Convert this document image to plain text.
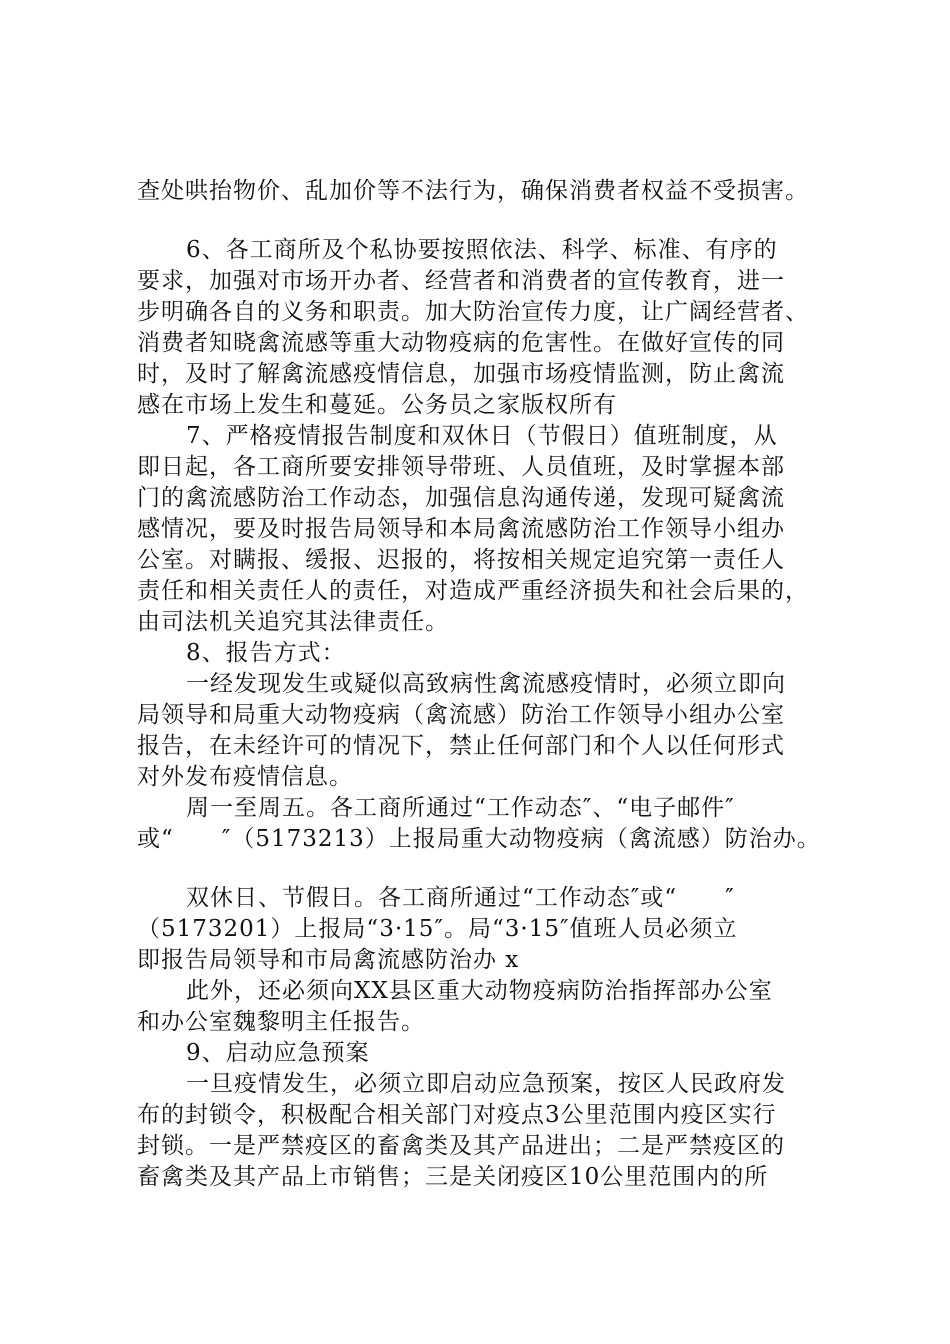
查处哄抬物价、乱加价等不法行为，确保消费者权益不受损害。
6、各工商所及个私协要按照依法、科学、标准、有序的
要求，加强对市场开办者、经营者和消费者的宣传教育，进一
步明确各自的义务和职责。加大防治宣传力度，让广阔经营者、
消费者知晓禽流感等重大动物疫病的危害性。在做好宣传的同
时，及时了解禽流感疫情信息，加强市场疫情监测，防止禽流
感在市场上发生和蔓延。公务员之家版权所有
7、严格疫情报告制度和双休日（节假日）值班制度，从
即日起，各工商所要安排领导带班、人员值班，及时掌握本部
门的禽流感防治工作动态，加强信息沟通传递，发现可疑禽流
感情况，要及时报告局领导和本局禽流感防治工作领导小组办
公室。对瞒报、缓报、迟报的，将按相关规定追究第一责任人
责任和相关责任人的责任，对造成严重经济损失和社会后果的，
由司法机关追究其法律责任。
8、报告方式：
一经发现发生或疑似高致病性禽流感疫情时，必须立即向
局领导和局重大动物疫病（禽流感）防治工作领导小组办公室
报告，在未经许可的情况下，禁止任何部门和个人以任何形式
对外发布疫情信息。
周一至周五。各工商所通过“工作动态″、“电子邮件″
或“　　″（5173213）上报局重大动物疫病（禽流感）防治办。
双休日、节假日。各工商所通过“工作动态″或“　　″
（5173201）上报局“3·15″。局“3·15″值班人员必须立
即报告局领导和市局禽流感防治办 x
此外，还必须向XX县区重大动物疫病防治指挥部办公室
和办公室魏黎明主任报告。
9、启动应急预案
一旦疫情发生，必须立即启动应急预案，按区人民政府发
布的封锁令，积极配合相关部门对疫点3公里范围内疫区实行
封锁。一是严禁疫区的畜禽类及其产品进出；二是严禁疫区的
畜禽类及其产品上市销售；三是关闭疫区10公里范围内的所
